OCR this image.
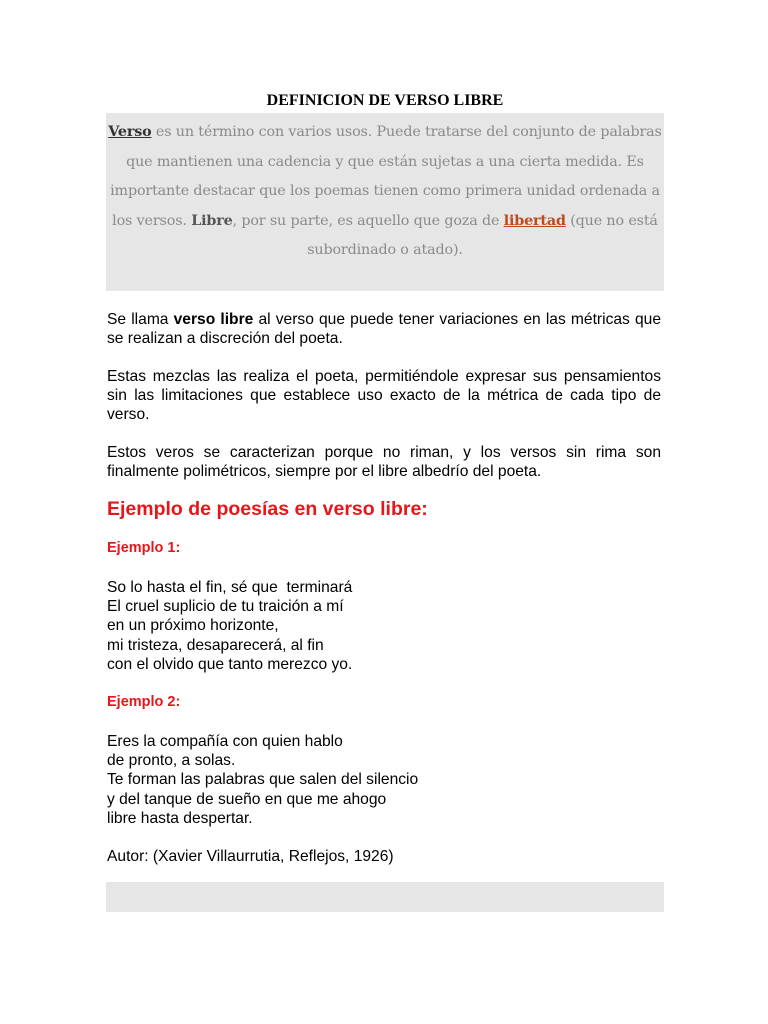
DEFINICION DE VERSO LIBRE

Verso es un término con varios usos. Puede tratarse del conjunto de palabras que mantienen una cadencia y que están sujetas a una cierta medida. Es importante destacar que los poemas tienen como primera unidad ordenada a los versos. Libre, por su parte, es aquello que goza de libertad (que no está subordinado o atado).

Se llama verso libre al verso que puede tener variaciones en las métricas que se realizan a discreción del poeta.

Estas mezclas las realiza el poeta, permitiéndole expresar sus pensamientos sin las limitaciones que establece uso exacto de la métrica de cada tipo de verso.

Estos veros se caracterizan porque no riman, y los versos sin rima son finalmente polimétricos, siempre por el libre albedrío del poeta.

Ejemplo de poesías en verso libre:
Ejemplo 1:
So lo hasta el fin, sé que  terminará
El cruel suplicio de tu traición a mí
en un próximo horizonte,
mi tristeza, desaparecerá, al fin
con el olvido que tanto merezco yo.
Ejemplo 2:
Eres la compañía con quien hablo
de pronto, a solas.
Te forman las palabras que salen del silencio
y del tanque de sueño en que me ahogo
libre hasta despertar.
Autor: (Xavier Villaurrutia, Reflejos, 1926)
